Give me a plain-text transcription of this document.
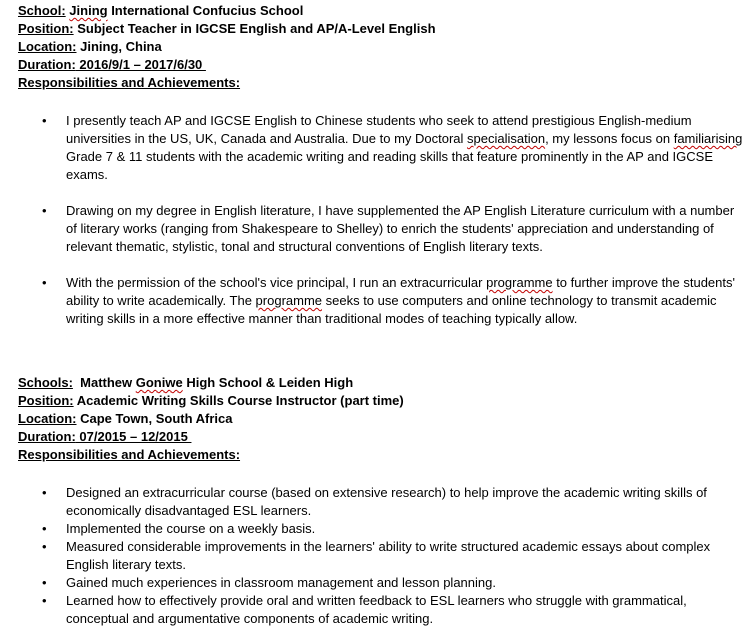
School: Jining International Confucius School
Position: Subject Teacher in IGCSE English and AP/A-Level English
Location: Jining, China
Duration: 2016/9/1 – 2017/6/30
Responsibilities and Achievements:
• I presently teach AP and IGCSE English to Chinese students who seek to attend prestigious English-medium universities in the US, UK, Canada and Australia. Due to my Doctoral specialisation, my lessons focus on familiarising Grade 7 & 11 students with the academic writing and reading skills that feature prominently in the AP and IGCSE exams.
• Drawing on my degree in English literature, I have supplemented the AP English Literature curriculum with a number of literary works (ranging from Shakespeare to Shelley) to enrich the students' appreciation and understanding of relevant thematic, stylistic, tonal and structural conventions of English literary texts.
• With the permission of the school's vice principal, I run an extracurricular programme to further improve the students' ability to write academically. The programme seeks to use computers and online technology to transmit academic writing skills in a more effective manner than traditional modes of teaching typically allow.
Schools:  Matthew Goniwe High School & Leiden High
Position: Academic Writing Skills Course Instructor (part time)
Location: Cape Town, South Africa
Duration: 07/2015 – 12/2015
Responsibilities and Achievements:
• Designed an extracurricular course (based on extensive research) to help improve the academic writing skills of economically disadvantaged ESL learners.
• Implemented the course on a weekly basis.
• Measured considerable improvements in the learners' ability to write structured academic essays about complex English literary texts.
• Gained much experiences in classroom management and lesson planning.
• Learned how to effectively provide oral and written feedback to ESL learners who struggle with grammatical, conceptual and argumentative components of academic writing.
